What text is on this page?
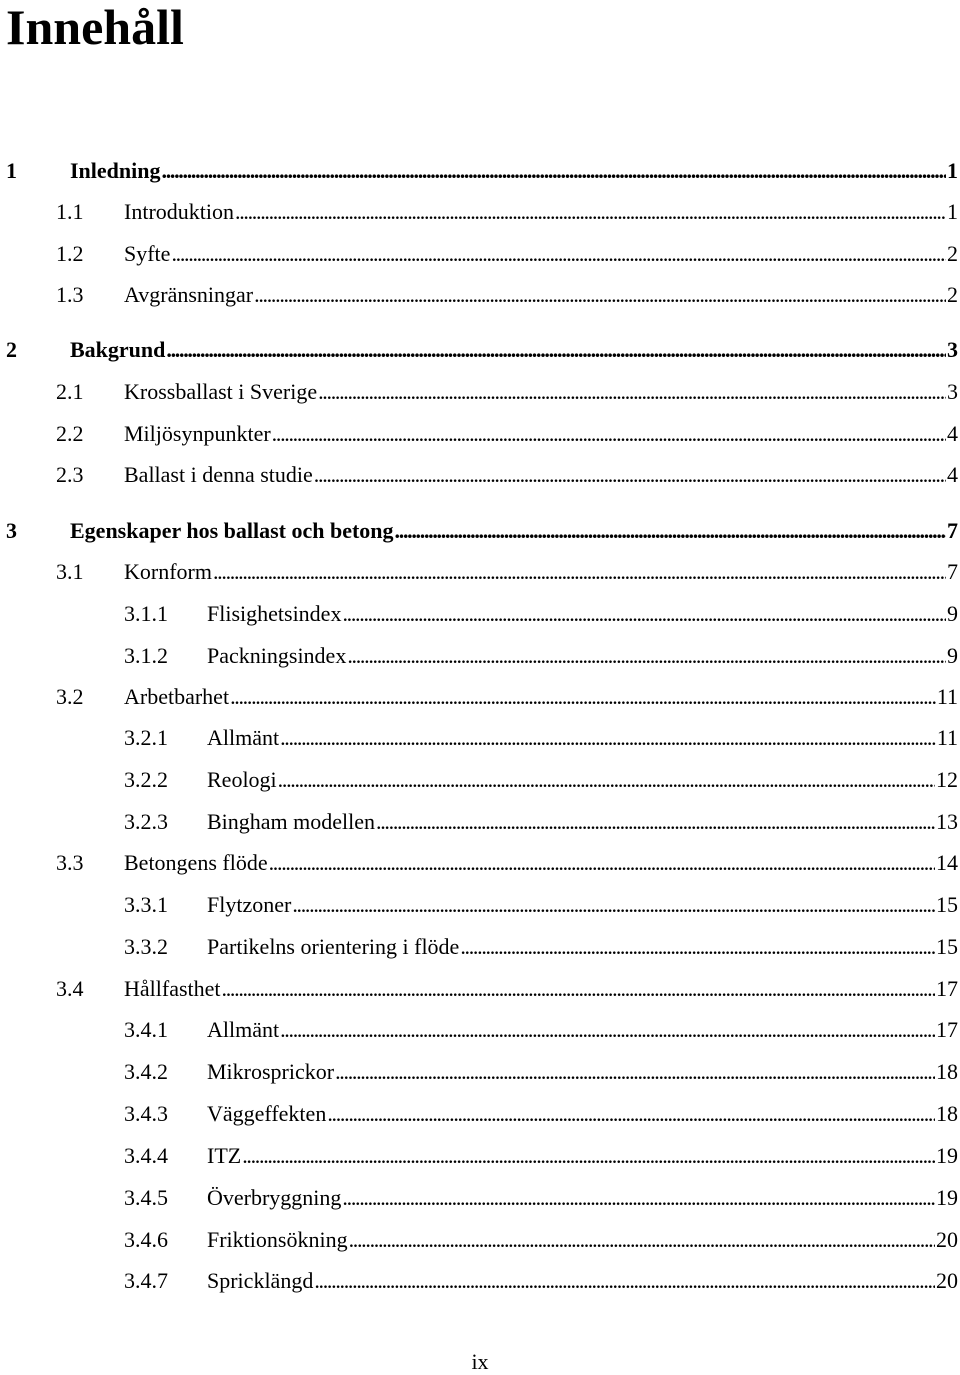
Innehåll
1 Inledning . . .	1
1.1 Introduktion . . .	1
1.2 Syfte . . .	2
1.3 Avgränsningar . . .	2
2 Bakgrund . . .	3
2.1 Krossballast i Sverige . . .	3
2.2 Miljösynpunkter . . .	4
2.3 Ballast i denna studie . . .	4
3 Egenskaper hos ballast och betong . . .	7
3.1 Kornform . . .	7
3.1.1 Flisighetsindex . . .	9
3.1.2 Packningsindex . . .	9
3.2 Arbetbarhet . . .	11
3.2.1 Allmänt . . .	11
3.2.2 Reologi . . .	12
3.2.3 Bingham modellen . . .	13
3.3 Betongens flöde . . .	14
3.3.1 Flytzoner . . .	15
3.3.2 Partikelns orientering i flöde . . .	15
3.4 Hållfasthet . . .	17
3.4.1 Allmänt . . .	17
3.4.2 Mikrosprickor . . .	18
3.4.3 Väggeffekten . . .	18
3.4.4 ITZ . . .	19
3.4.5 Överbryggning . . .	19
3.4.6 Friktionsökning . . .	20
3.4.7 Spricklängd . . .	20
ix
